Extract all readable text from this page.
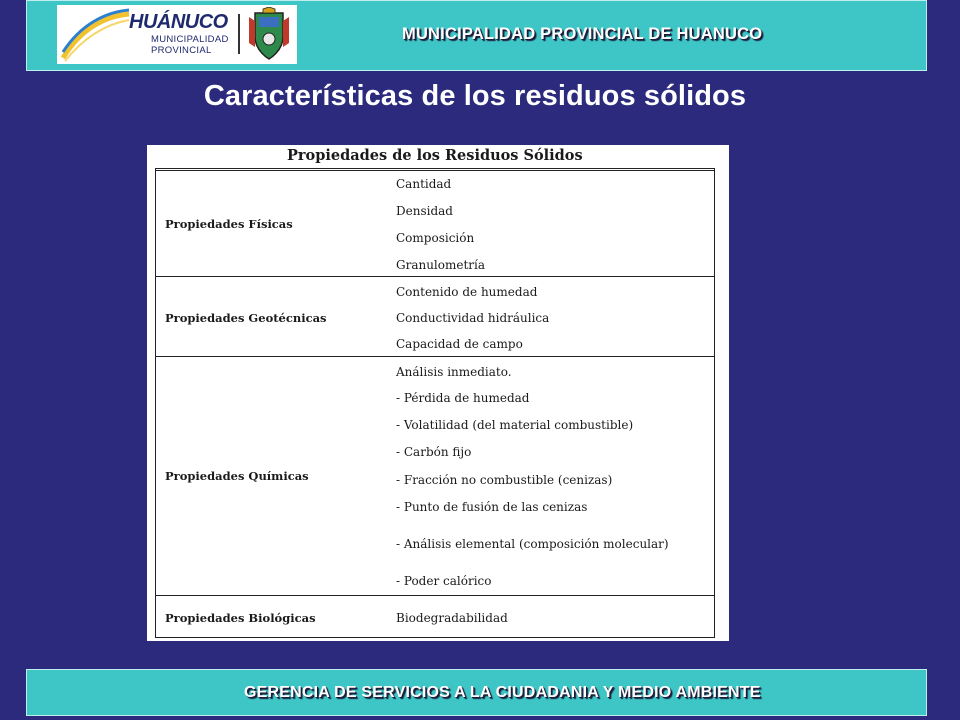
HUÁNUCO
MUNICIPALIDAD
PROVINCIAL
MUNICIPALIDAD PROVINCIAL DE HUANUCO
Características de los residuos sólidos
Propiedades de los Residuos Sólidos
Propiedades Físicas
Cantidad
Densidad
Composición
Granulometría
Propiedades Geotécnicas
Contenido de humedad
Conductividad hidráulica
Capacidad de campo
Propiedades Químicas
Análisis inmediato.
- Pérdida de humedad
- Volatilidad (del material combustible)
- Carbón fijo
- Fracción no combustible (cenizas)
- Punto de fusión de las cenizas
- Análisis elemental (composición molecular)
- Poder calórico
Propiedades Biológicas	Biodegradabilidad
GERENCIA DE SERVICIOS A LA CIUDADANIA Y MEDIO AMBIENTE
